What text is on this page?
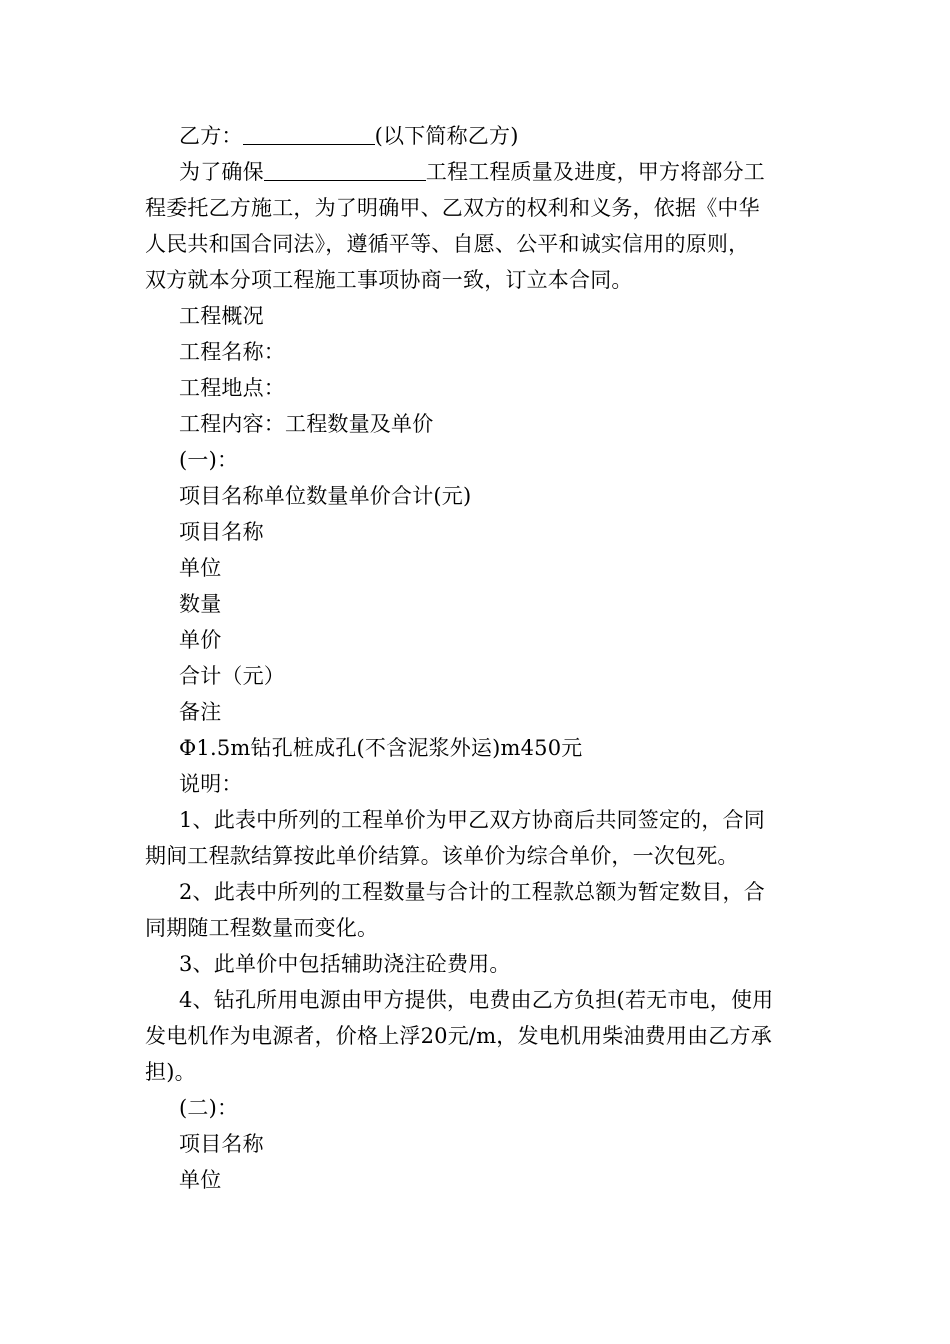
乙方：	(以下简称乙方)
为了确保	工程工程质量及进度，甲方将部分工
程委托乙方施工，为了明确甲、乙双方的权利和义务，依据《中华
人民共和国合同法》，遵循平等、自愿、公平和诚实信用的原则，
双方就本分项工程施工事项协商一致，订立本合同。
工程概况
工程名称：
工程地点：
工程内容：工程数量及单价
(一)：
项目名称单位数量单价合计(元)
项目名称
单位
数量
单价
合计（元）
备注
Φ1.5m钻孔桩成孔(不含泥浆外运)m450元
说明：
1、此表中所列的工程单价为甲乙双方协商后共同签定的，合同
期间工程款结算按此单价结算。该单价为综合单价，一次包死。
2、此表中所列的工程数量与合计的工程款总额为暂定数目，合
同期随工程数量而变化。
3、此单价中包括辅助浇注砼费用。
4、钻孔所用电源由甲方提供，电费由乙方负担(若无市电，使用
发电机作为电源者，价格上浮20元/m，发电机用柴油费用由乙方承
担)。
(二)：
项目名称
单位
